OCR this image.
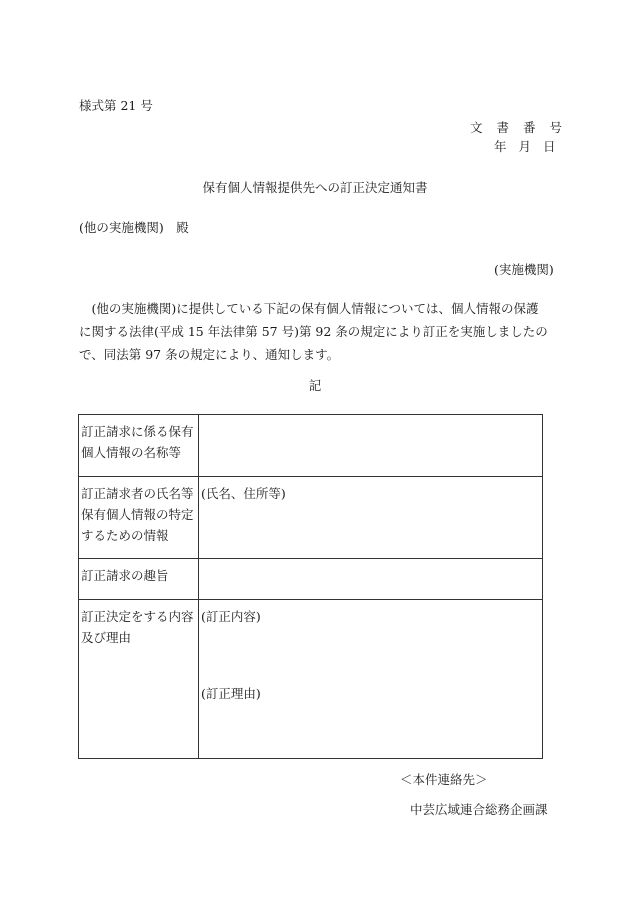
様式第 21 号
文書番号
年月日
保有個人情報提供先への訂正決定通知書
(他の実施機関)　殿
(実施機関)
(他の実施機関)に提供している下記の保有個人情報については、個人情報の保護に関する法律(平成 15 年法律第 57 号)第 92 条の規定により訂正を実施しましたので、同法第 97 条の規定により、通知します。
記
訂正請求に係る保有個人情報の名称等	
訂正請求者の氏名等保有個人情報の特定するための情報	(氏名、住所等)
訂正請求の趣旨	
訂正決定をする内容及び理由	(訂正内容)
(訂正理由)
＜本件連絡先＞
中芸広域連合総務企画課
